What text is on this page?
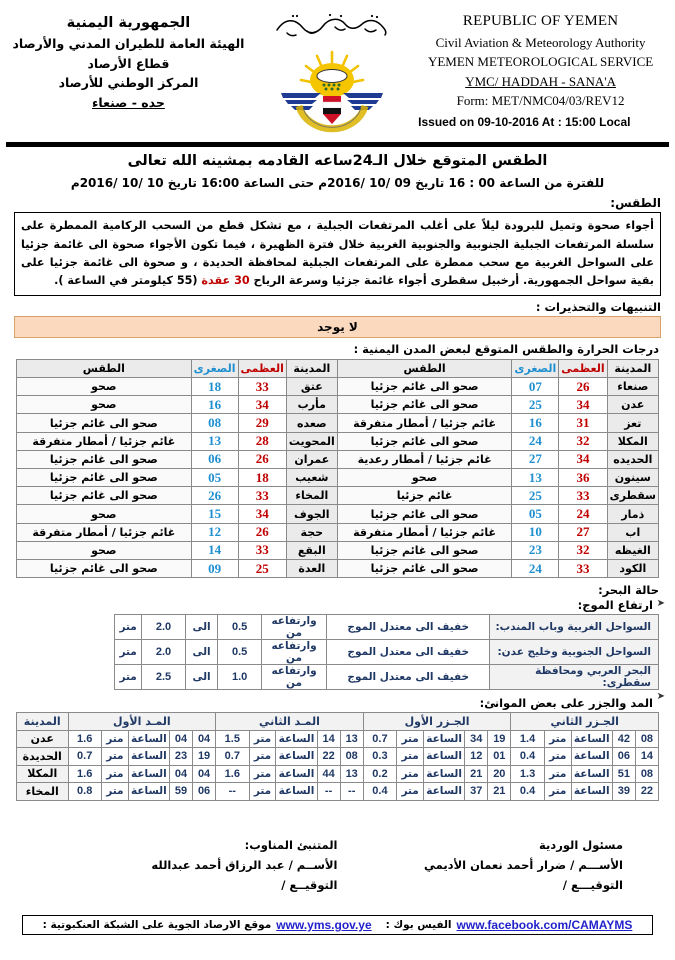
الجمهورية اليمنية
الهيئة العامة للطيران المدني والأرصاد
قطاع الأرصاد
المركز الوطني للأرصاد
حده - صنعاء
REPUBLIC OF YEMEN
Civil Aviation & Meteorology Authority
YEMEN METEOROLOGICAL SERVICE
YMC/ HADDAH - SANA'A
Form: MET/NMC04/03/REV12
Issued on 09-10-2016 At : 15:00 Local
الطقس المتوقع خلال الـ24ساعه القادمه بمشينه الله تعالى
للفترة من الساعة 00 : 16 تاريخ 09 /10 /2016م حتى الساعة 16:00 تاريخ 10 /10 /2016م
الطقس:

أجواء صحوة وتميل للبرودة ليلاً على أغلب المرتفعات الجبلية ، مع تشكل قطع من السحب الركامية الممطرة على سلسلة المرتفعات الجبلية الجنوبية والجنوبية الغربية خلال فترة الظهيرة ، فيما تكون الأجواء صحوة الى غائمة جزئيا على السواحل الغربية مع سحب ممطرة على المرتفعات الجبلية لمحافظة الحديدة ، و صحوة الى غائمة جزئيا على بقية سواحل الجمهورية. أرخبيل سقطرى أجواء غائمة جزئيا وسرعة الرياح 30 عقدة (55 كيلومتر في الساعة ).

التنبيهات والتحذيرات :
لا يوجد
درجات الحرارة والطقس المتوقع لبعض المدن اليمنية :
المدينة	العظمى	الصغرى	الطقس	المدينة	العظمى	الصغرى	الطقس
صنعاء	26	07	صحو الى غائم جزئيا	عتق	33	18	صحو
عدن	34	25	صحو الى غائم جزئيا	مأرب	34	16	صحو
تعز	31	16	غائم جزئيا / أمطار متفرقة	صعده	29	08	صحو الى غائم جزئيا
المكلا	32	24	صحو الى غائم جزئيا	المحويت	28	13	غائم جزئيا / أمطار متفرقة
الحديده	34	27	غائم جزئيا / أمطار رعدية	عمران	26	06	صحو الى غائم جزئيا
سينون	36	13	صحو	شعيب	18	05	صحو الى غائم جزئيا
سقطرى	33	25	غائم جزئيا	المخاء	33	26	صحو الى غائم جزئيا
ذمار	24	05	صحو الى غائم جزئيا	الجوف	34	15	صحو
اب	27	10	غائم جزئيا / أمطار متفرقة	حجة	26	12	غائم جزئيا / أمطار متفرقة
الغيظه	32	23	صحو الى غائم جزئيا	البقع	33	14	صحو
الكود	33	24	صحو الى غائم جزئيا	العدة	25	09	صحو الى غائم جزئيا
حالة البحر:
➤
ارتفاع الموج:
السواحل الغربية وباب المندب:	خفيف الى معتدل الموج	وارتفاعه من	0.5	الى	2.0	متر
السواحل الجنوبية وخليج عدن:	خفيف الى معتدل الموج	وارتفاعه من	0.5	الى	2.0	متر
البحر العربي ومحافظة سقطرى:	خفيف الى معتدل الموج	وارتفاعه من	1.0	الى	2.5	متر
➤
المد والجزر على بعض الموانئ:
الجـزر الثاني					الجـزر الأول					المـد الثاني					المـد الأول					المدينة
08	42	الساعة	متر	1.4	19	34	الساعة	متر	0.7	13	14	الساعة	متر	1.5	04	04	الساعة	متر	1.6	عدن
14	06	الساعة	متر	0.4	01	12	الساعة	متر	0.3	08	22	الساعة	متر	0.7	19	23	الساعة	متر	0.7	الحديدة
08	51	الساعة	متر	1.3	20	21	الساعة	متر	0.2	13	44	الساعة	متر	1.6	04	04	الساعة	متر	1.6	المكلا
22	39	الساعة	متر	0.4	21	37	الساعة	متر	0.4	--	--	الساعة	متر	--	06	59	الساعة	متر	0.8	المخاء
المتنبئ المناوب:
الأســم / عبد الرزاق أحمد عبدالله
التوقيــع /
مسئول الوردية
الأســـم / ضرار أحمد نعمان الأديمي
التوقيـــع /
موقع الارصاد الجوية على الشبكة العنكبوتية : www.yms.gov.ye الفيس بوك : www.facebook.com/CAMAYMS
